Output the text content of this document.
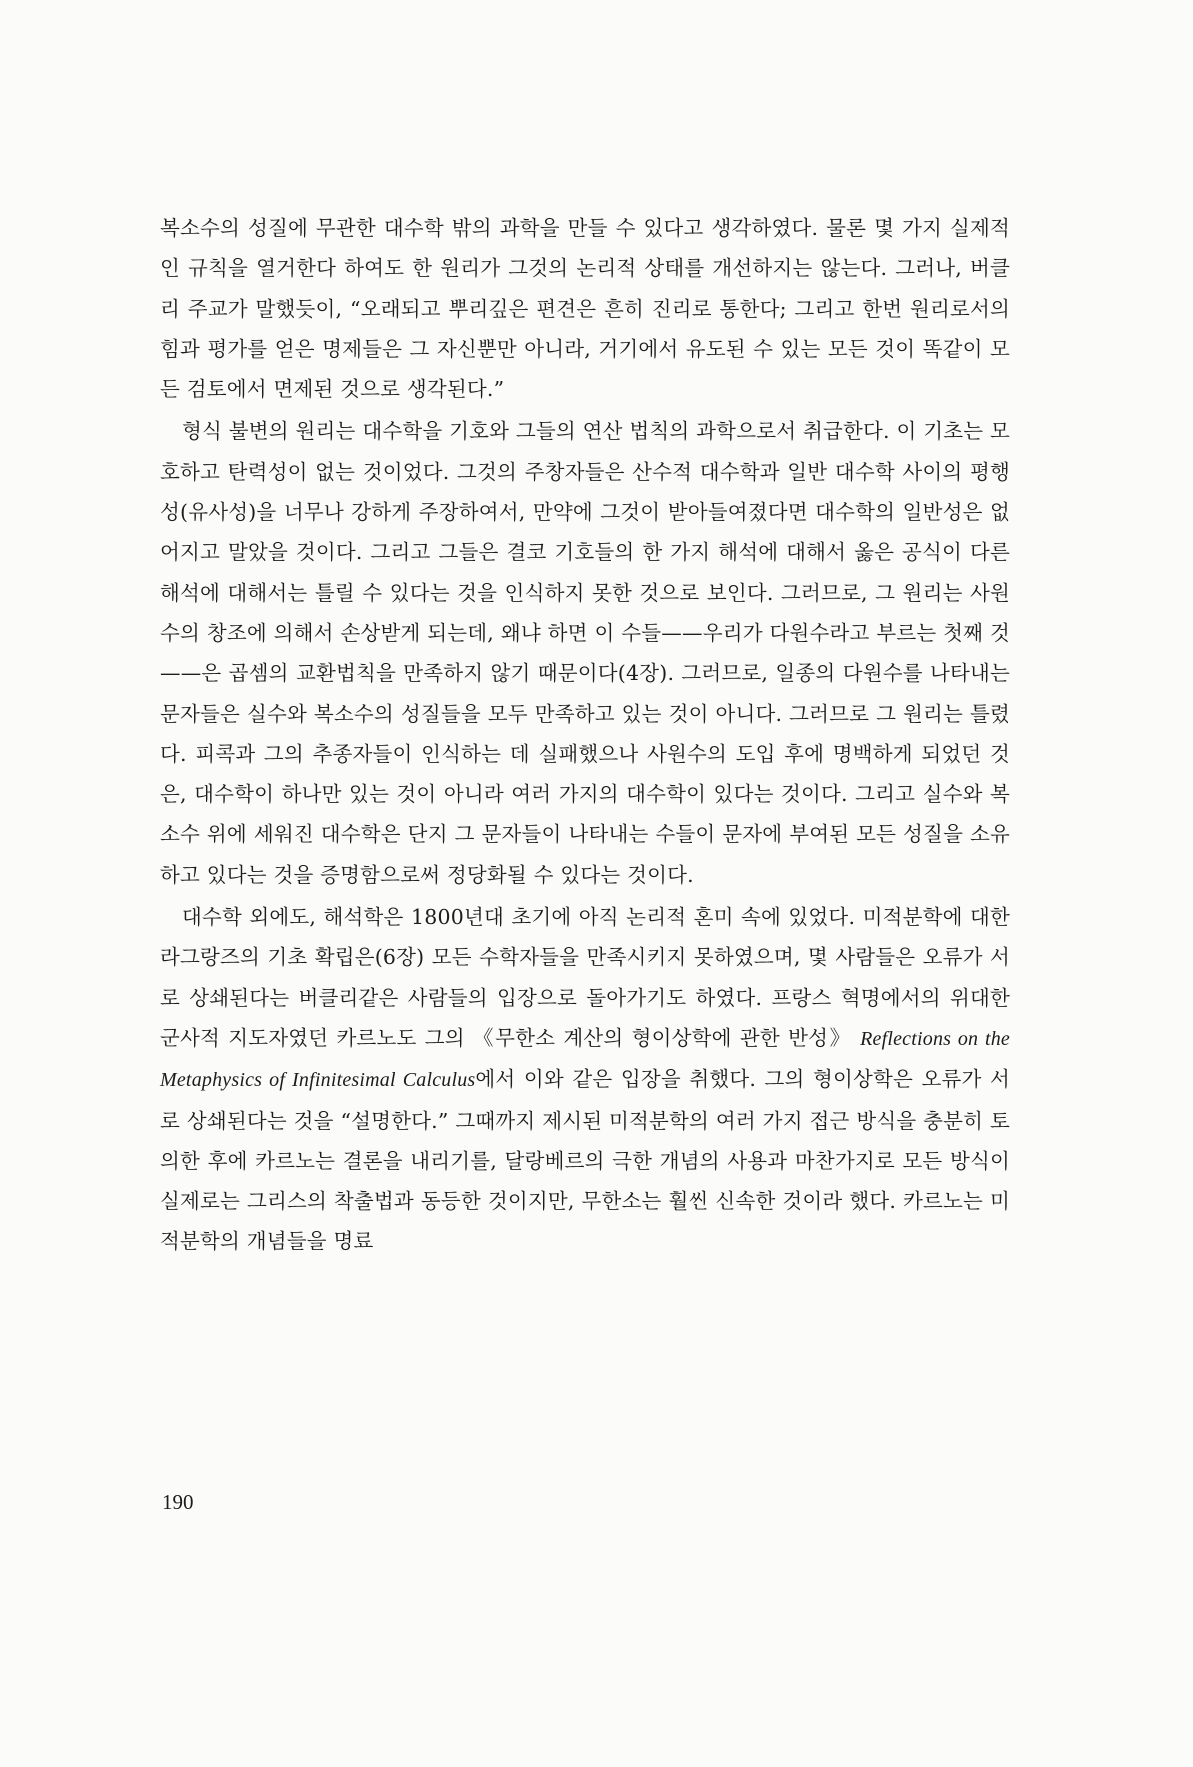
복소수의 성질에 무관한 대수학 밖의 과학을 만들 수 있다고 생각하였다. 물론 몇 가지 실제적인 규칙을 열거한다 하여도 한 원리가 그것의 논리적 상태를 개선하지는 않는다. 그러나, 버클리 주교가 말했듯이, “오래되고 뿌리깊은 편견은 흔히 진리로 통한다; 그리고 한번 원리로서의 힘과 평가를 얻은 명제들은 그 자신뿐만 아니라, 거기에서 유도된 수 있는 모든 것이 똑같이 모든 검토에서 면제된 것으로 생각된다.”

형식 불변의 원리는 대수학을 기호와 그들의 연산 법칙의 과학으로서 취급한다. 이 기초는 모호하고 탄력성이 없는 것이었다. 그것의 주창자들은 산수적 대수학과 일반 대수학 사이의 평행성(유사성)을 너무나 강하게 주장하여서, 만약에 그것이 받아들여졌다면 대수학의 일반성은 없어지고 말았을 것이다. 그리고 그들은 결코 기호들의 한 가지 해석에 대해서 옳은 공식이 다른 해석에 대해서는 틀릴 수 있다는 것을 인식하지 못한 것으로 보인다. 그러므로, 그 원리는 사원수의 창조에 의해서 손상받게 되는데, 왜냐 하면 이 수들——우리가 다원수라고 부르는 첫째 것——은 곱셈의 교환법칙을 만족하지 않기 때문이다(4장). 그러므로, 일종의 다원수를 나타내는 문자들은 실수와 복소수의 성질들을 모두 만족하고 있는 것이 아니다. 그러므로 그 원리는 틀렸다. 피콕과 그의 추종자들이 인식하는 데 실패했으나 사원수의 도입 후에 명백하게 되었던 것은, 대수학이 하나만 있는 것이 아니라 여러 가지의 대수학이 있다는 것이다. 그리고 실수와 복소수 위에 세워진 대수학은 단지 그 문자들이 나타내는 수들이 문자에 부여된 모든 성질을 소유하고 있다는 것을 증명함으로써 정당화될 수 있다는 것이다.

대수학 외에도, 해석학은 1800년대 초기에 아직 논리적 혼미 속에 있었다. 미적분학에 대한 라그랑즈의 기초 확립은(6장) 모든 수학자들을 만족시키지 못하였으며, 몇 사람들은 오류가 서로 상쇄된다는 버클리같은 사람들의 입장으로 돌아가기도 하였다. 프랑스 혁명에서의 위대한 군사적 지도자였던 카르노도 그의 《무한소 계산의 형이상학에 관한 반성》 Reflections on the Metaphysics of Infinitesimal Calculus에서 이와 같은 입장을 취했다. 그의 형이상학은 오류가 서로 상쇄된다는 것을 “설명한다.” 그때까지 제시된 미적분학의 여러 가지 접근 방식을 충분히 토의한 후에 카르노는 결론을 내리기를, 달랑베르의 극한 개념의 사용과 마찬가지로 모든 방식이 실제로는 그리스의 착출법과 동등한 것이지만, 무한소는 훨씬 신속한 것이라 했다. 카르노는 미적분학의 개념들을 명료

190
